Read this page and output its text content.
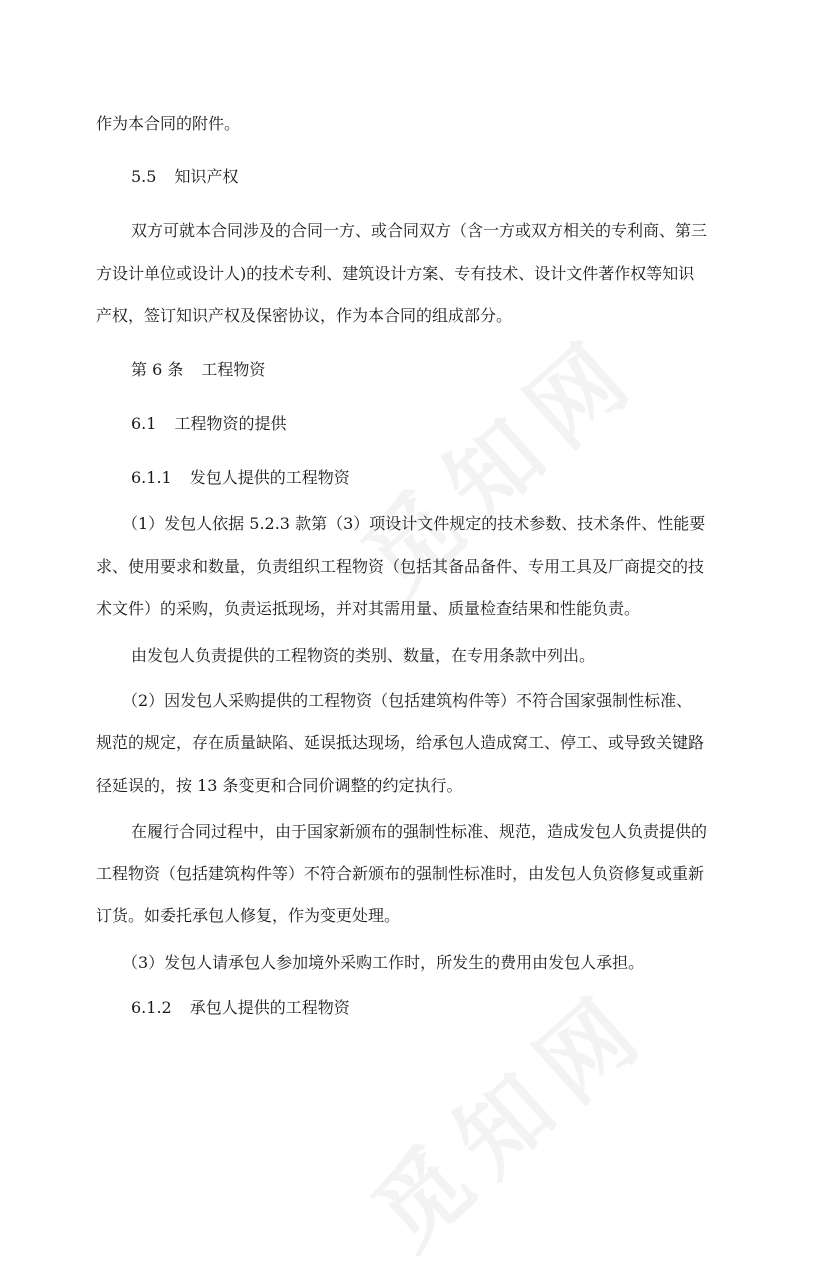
作为本合同的附件。
5.5 知识产权
双方可就本合同涉及的合同一方、或合同双方（含一方或双方相关的专利商、第三
方设计单位或设计人)的技术专利、建筑设计方案、专有技术、设计文件著作权等知识
产权，签订知识产权及保密协议，作为本合同的组成部分。
第 6 条 工程物资
6.1 工程物资的提供
6.1.1 发包人提供的工程物资
（1）发包人依据 5.2.3 款第（3）项设计文件规定的技术参数、技术条件、性能要
求、使用要求和数量，负责组织工程物资（包括其备品备件、专用工具及厂商提交的技
术文件）的采购，负责运抵现场，并对其需用量、质量检查结果和性能负责。
由发包人负责提供的工程物资的类别、数量，在专用条款中列出。
（2）因发包人采购提供的工程物资（包括建筑构件等）不符合国家强制性标准、
规范的规定，存在质量缺陷、延误抵达现场，给承包人造成窝工、停工、或导致关键路
径延误的，按 13 条变更和合同价调整的约定执行。
在履行合同过程中，由于国家新颁布的强制性标准、规范，造成发包人负责提供的
工程物资（包括建筑构件等）不符合新颁布的强制性标准时，由发包人负资修复或重新
订货。如委托承包人修复，作为变更处理。
（3）发包人请承包人参加境外采购工作时，所发生的费用由发包人承担。
6.1.2 承包人提供的工程物资
